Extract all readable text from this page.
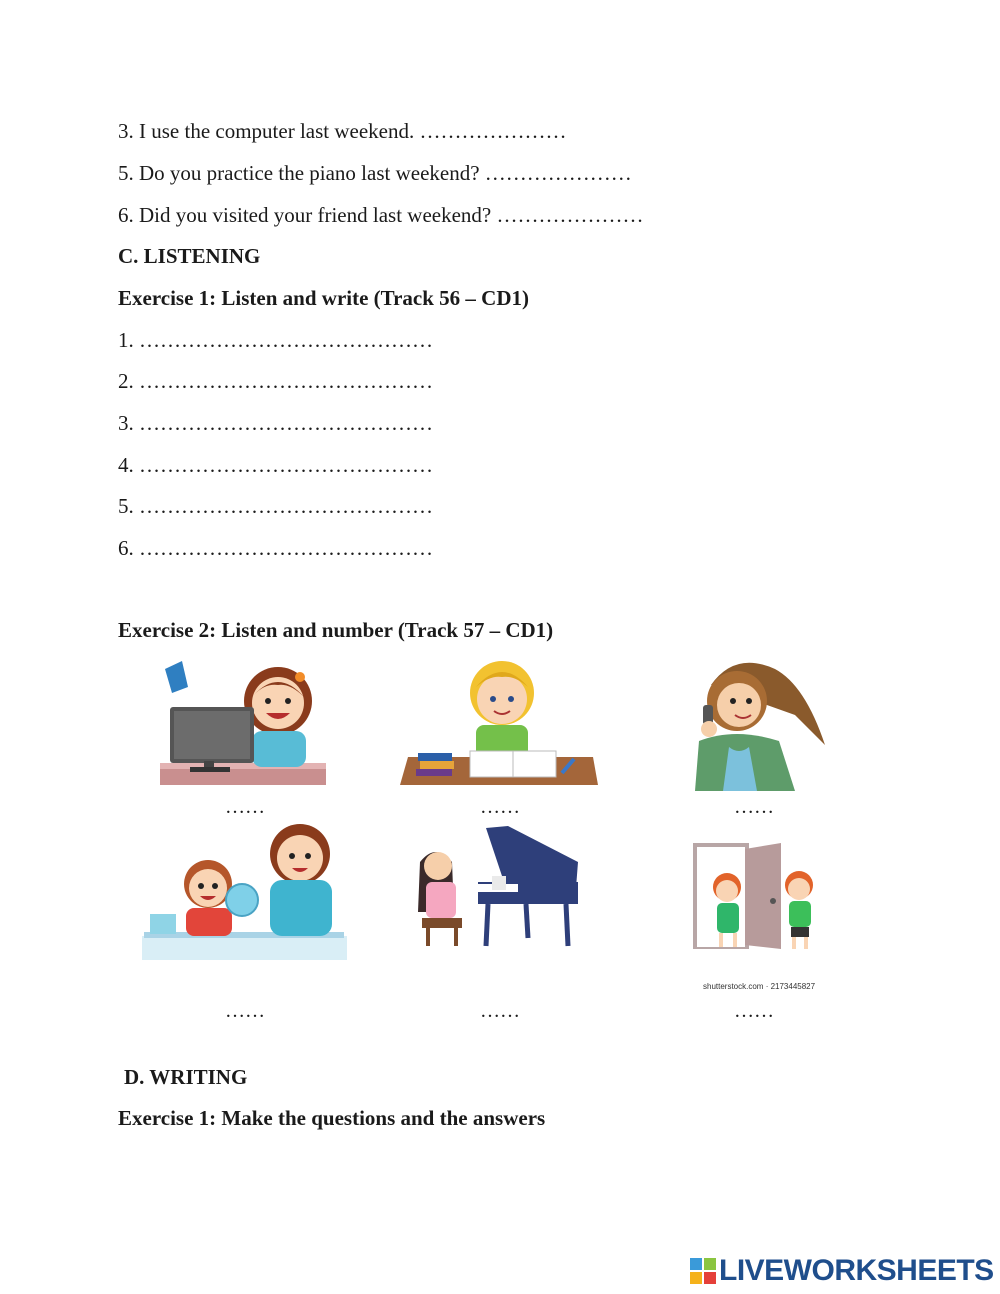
3. I use the computer last weekend. …………………
5. Do you practice the piano last weekend? …………………
6. Did you visited your friend last weekend? …………………
C. LISTENING
Exercise 1: Listen and write (Track 56 – CD1)
1. ……………………………………
2. ……………………………………
3. ……………………………………
4. ……………………………………
5. ……………………………………
6. ……………………………………
Exercise 2: Listen and number (Track 57 – CD1)
……	……	……
……	……
shutterstock.com · 2173445827
……
D. WRITING
Exercise 1: Make the questions and the answers
LIVEWORKSHEETS
